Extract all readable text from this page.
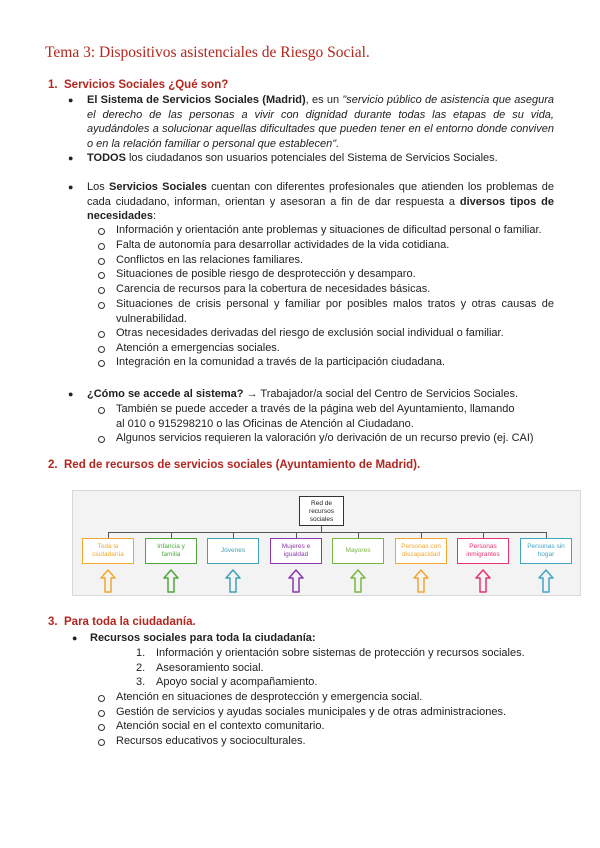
Tema 3: Dispositivos asistenciales de Riesgo Social.
1. Servicios Sociales ¿Qué son?
● El Sistema de Servicios Sociales (Madrid), es un "servicio público de asistencia que asegura el derecho de las personas a vivir con dignidad durante todas las etapas de su vida, ayudándoles a solucionar aquellas dificultades que pueden tener en el entorno donde conviven o en la relación familiar o personal que establecen".
● TODOS los ciudadanos son usuarios potenciales del Sistema de Servicios Sociales.
● Los Servicios Sociales cuentan con diferentes profesionales que atienden los problemas de cada ciudadano, informan, orientan y asesoran a fin de dar respuesta a diversos tipos de necesidades:
Información y orientación ante problemas y situaciones de dificultad personal o familiar.
Falta de autonomía para desarrollar actividades de la vida cotidiana.
Conflictos en las relaciones familiares.
Situaciones de posible riesgo de desprotección y desamparo.
Carencia de recursos para la cobertura de necesidades básicas.
Situaciones de crisis personal y familiar por posibles malos tratos y otras causas de vulnerabilidad.
Otras necesidades derivadas del riesgo de exclusión social individual o familiar.
Atención a emergencias sociales.
Integración en la comunidad a través de la participación ciudadana.
● ¿Cómo se accede al sistema? → Trabajador/a social del Centro de Servicios Sociales.
También se puede acceder a través de la página web del Ayuntamiento, llamando al 010 o 915298210 o las Oficinas de Atención al Ciudadano.
Algunos servicios requieren la valoración y/o derivación de un recurso previo (ej. CAI)
2. Red de recursos de servicios sociales (Ayuntamiento de Madrid).
Red de recursos sociales
Toda la ciudadanía
Infancia y familia
Jóvenes
Mujeres e igualdad
Mayores
Personas con discapacidad
Personas inmigrantes
Personas sin hogar
3. Para toda la ciudadanía.
● Recursos sociales para toda la ciudadanía:
1. Información y orientación sobre sistemas de protección y recursos sociales.
2. Asesoramiento social.
3. Apoyo social y acompañamiento.
Atención en situaciones de desprotección y emergencia social.
Gestión de servicios y ayudas sociales municipales y de otras administraciones.
Atención social en el contexto comunitario.
Recursos educativos y socioculturales.
